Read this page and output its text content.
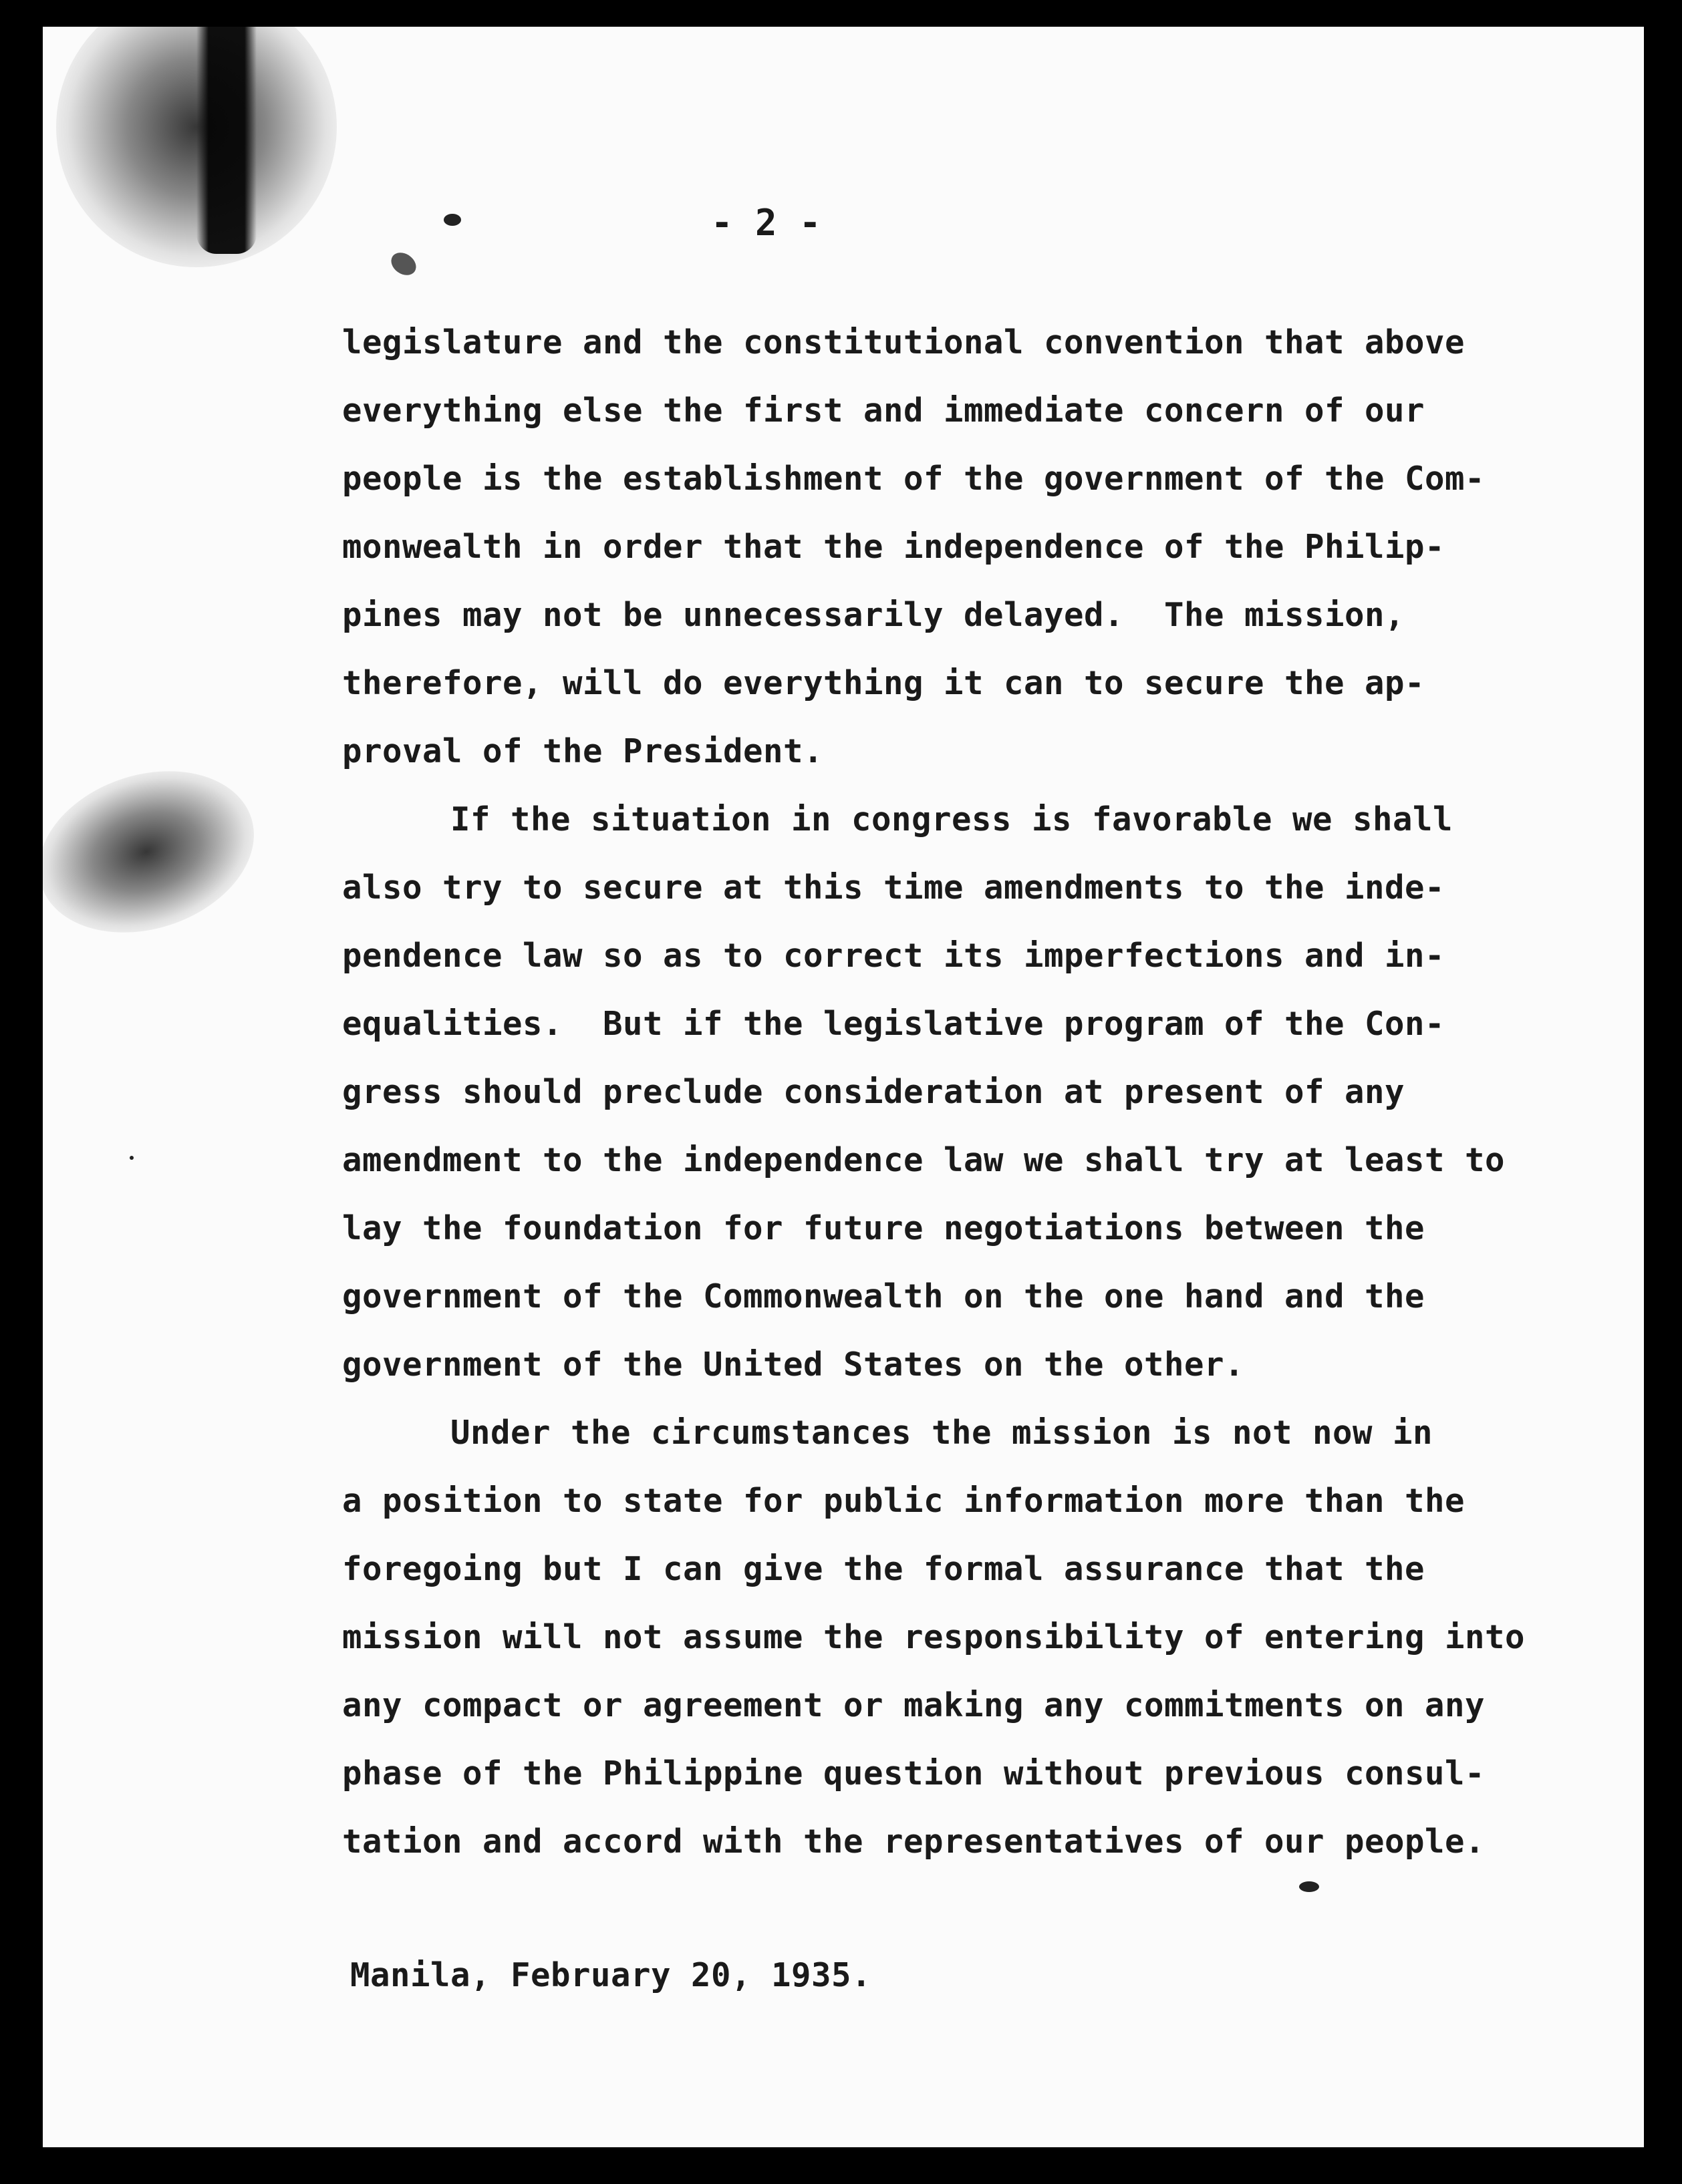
- 2 -
legislature and the constitutional convention that above
everything else the first and immediate concern of our
people is the establishment of the government of the Com-
monwealth in order that the independence of the Philip-
pines may not be unnecessarily delayed.  The mission,
therefore, will do everything it can to secure the ap-
proval of the President.
If the situation in congress is favorable we shall
also try to secure at this time amendments to the inde-
pendence law so as to correct its imperfections and in-
equalities.  But if the legislative program of the Con-
gress should preclude consideration at present of any
amendment to the independence law we shall try at least to
lay the foundation for future negotiations between the
government of the Commonwealth on the one hand and the
government of the United States on the other.
Under the circumstances the mission is not now in
a position to state for public information more than the
foregoing but I can give the formal assurance that the
mission will not assume the responsibility of entering into
any compact or agreement or making any commitments on any
phase of the Philippine question without previous consul-
tation and accord with the representatives of our people.
Manila, February 20, 1935.
